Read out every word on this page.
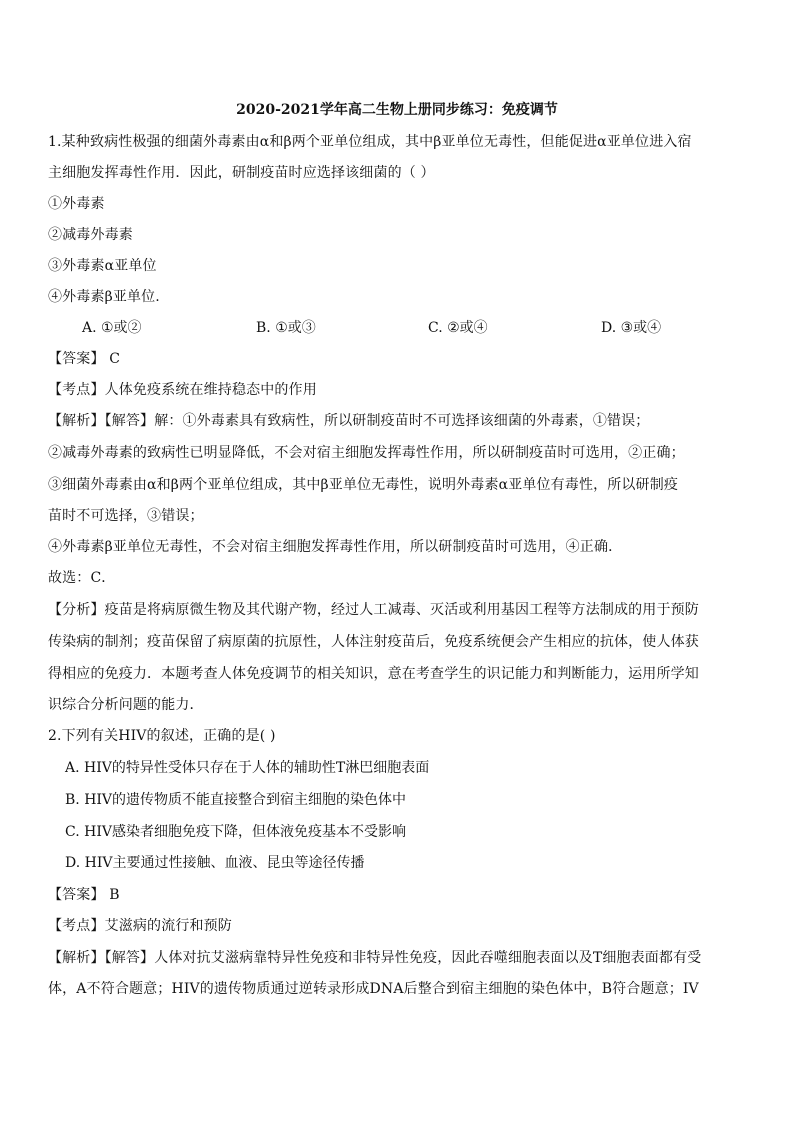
2020-2021学年高二生物上册同步练习：免疫调节
1.某种致病性极强的细菌外毒素由α和β两个亚单位组成，其中β亚单位无毒性，但能促进α亚单位进入宿
主细胞发挥毒性作用．因此，研制疫苗时应选择该细菌的（ ）
①外毒素
②减毒外毒素
③外毒素α亚单位
④外毒素β亚单位.
A. ①或②	B. ①或③	C. ②或④	D. ③或④
【答案】 C
【考点】人体免疫系统在维持稳态中的作用
【解析】【解答】解：①外毒素具有致病性，所以研制疫苗时不可选择该细菌的外毒素，①错误；
②减毒外毒素的致病性已明显降低，不会对宿主细胞发挥毒性作用，所以研制疫苗时可选用，②正确；
③细菌外毒素由α和β两个亚单位组成，其中β亚单位无毒性，说明外毒素α亚单位有毒性，所以研制疫
苗时不可选择，③错误；
④外毒素β亚单位无毒性，不会对宿主细胞发挥毒性作用，所以研制疫苗时可选用，④正确．
故选：C．
【分析】疫苗是将病原微生物及其代谢产物，经过人工减毒、灭活或利用基因工程等方法制成的用于预防
传染病的制剂；疫苗保留了病原菌的抗原性，人体注射疫苗后，免疫系统便会产生相应的抗体，使人体获
得相应的免疫力．本题考查人体免疫调节的相关知识，意在考查学生的识记能力和判断能力，运用所学知
识综合分析问题的能力．
2.下列有关HIV的叙述，正确的是( )
A. HIV的特异性受体只存在于人体的辅助性T淋巴细胞表面
B. HIV的遗传物质不能直接整合到宿主细胞的染色体中
C. HIV感染者细胞免疫下降，但体液免疫基本不受影响
D. HIV主要通过性接触、血液、昆虫等途径传播
【答案】 B
【考点】艾滋病的流行和预防
【解析】【解答】人体对抗艾滋病靠特异性免疫和非特异性免疫，因此吞噬细胞表面以及T细胞表面都有受
体，A不符合题意；HIV的遗传物质通过逆转录形成DNA后整合到宿主细胞的染色体中，B符合题意；IV
